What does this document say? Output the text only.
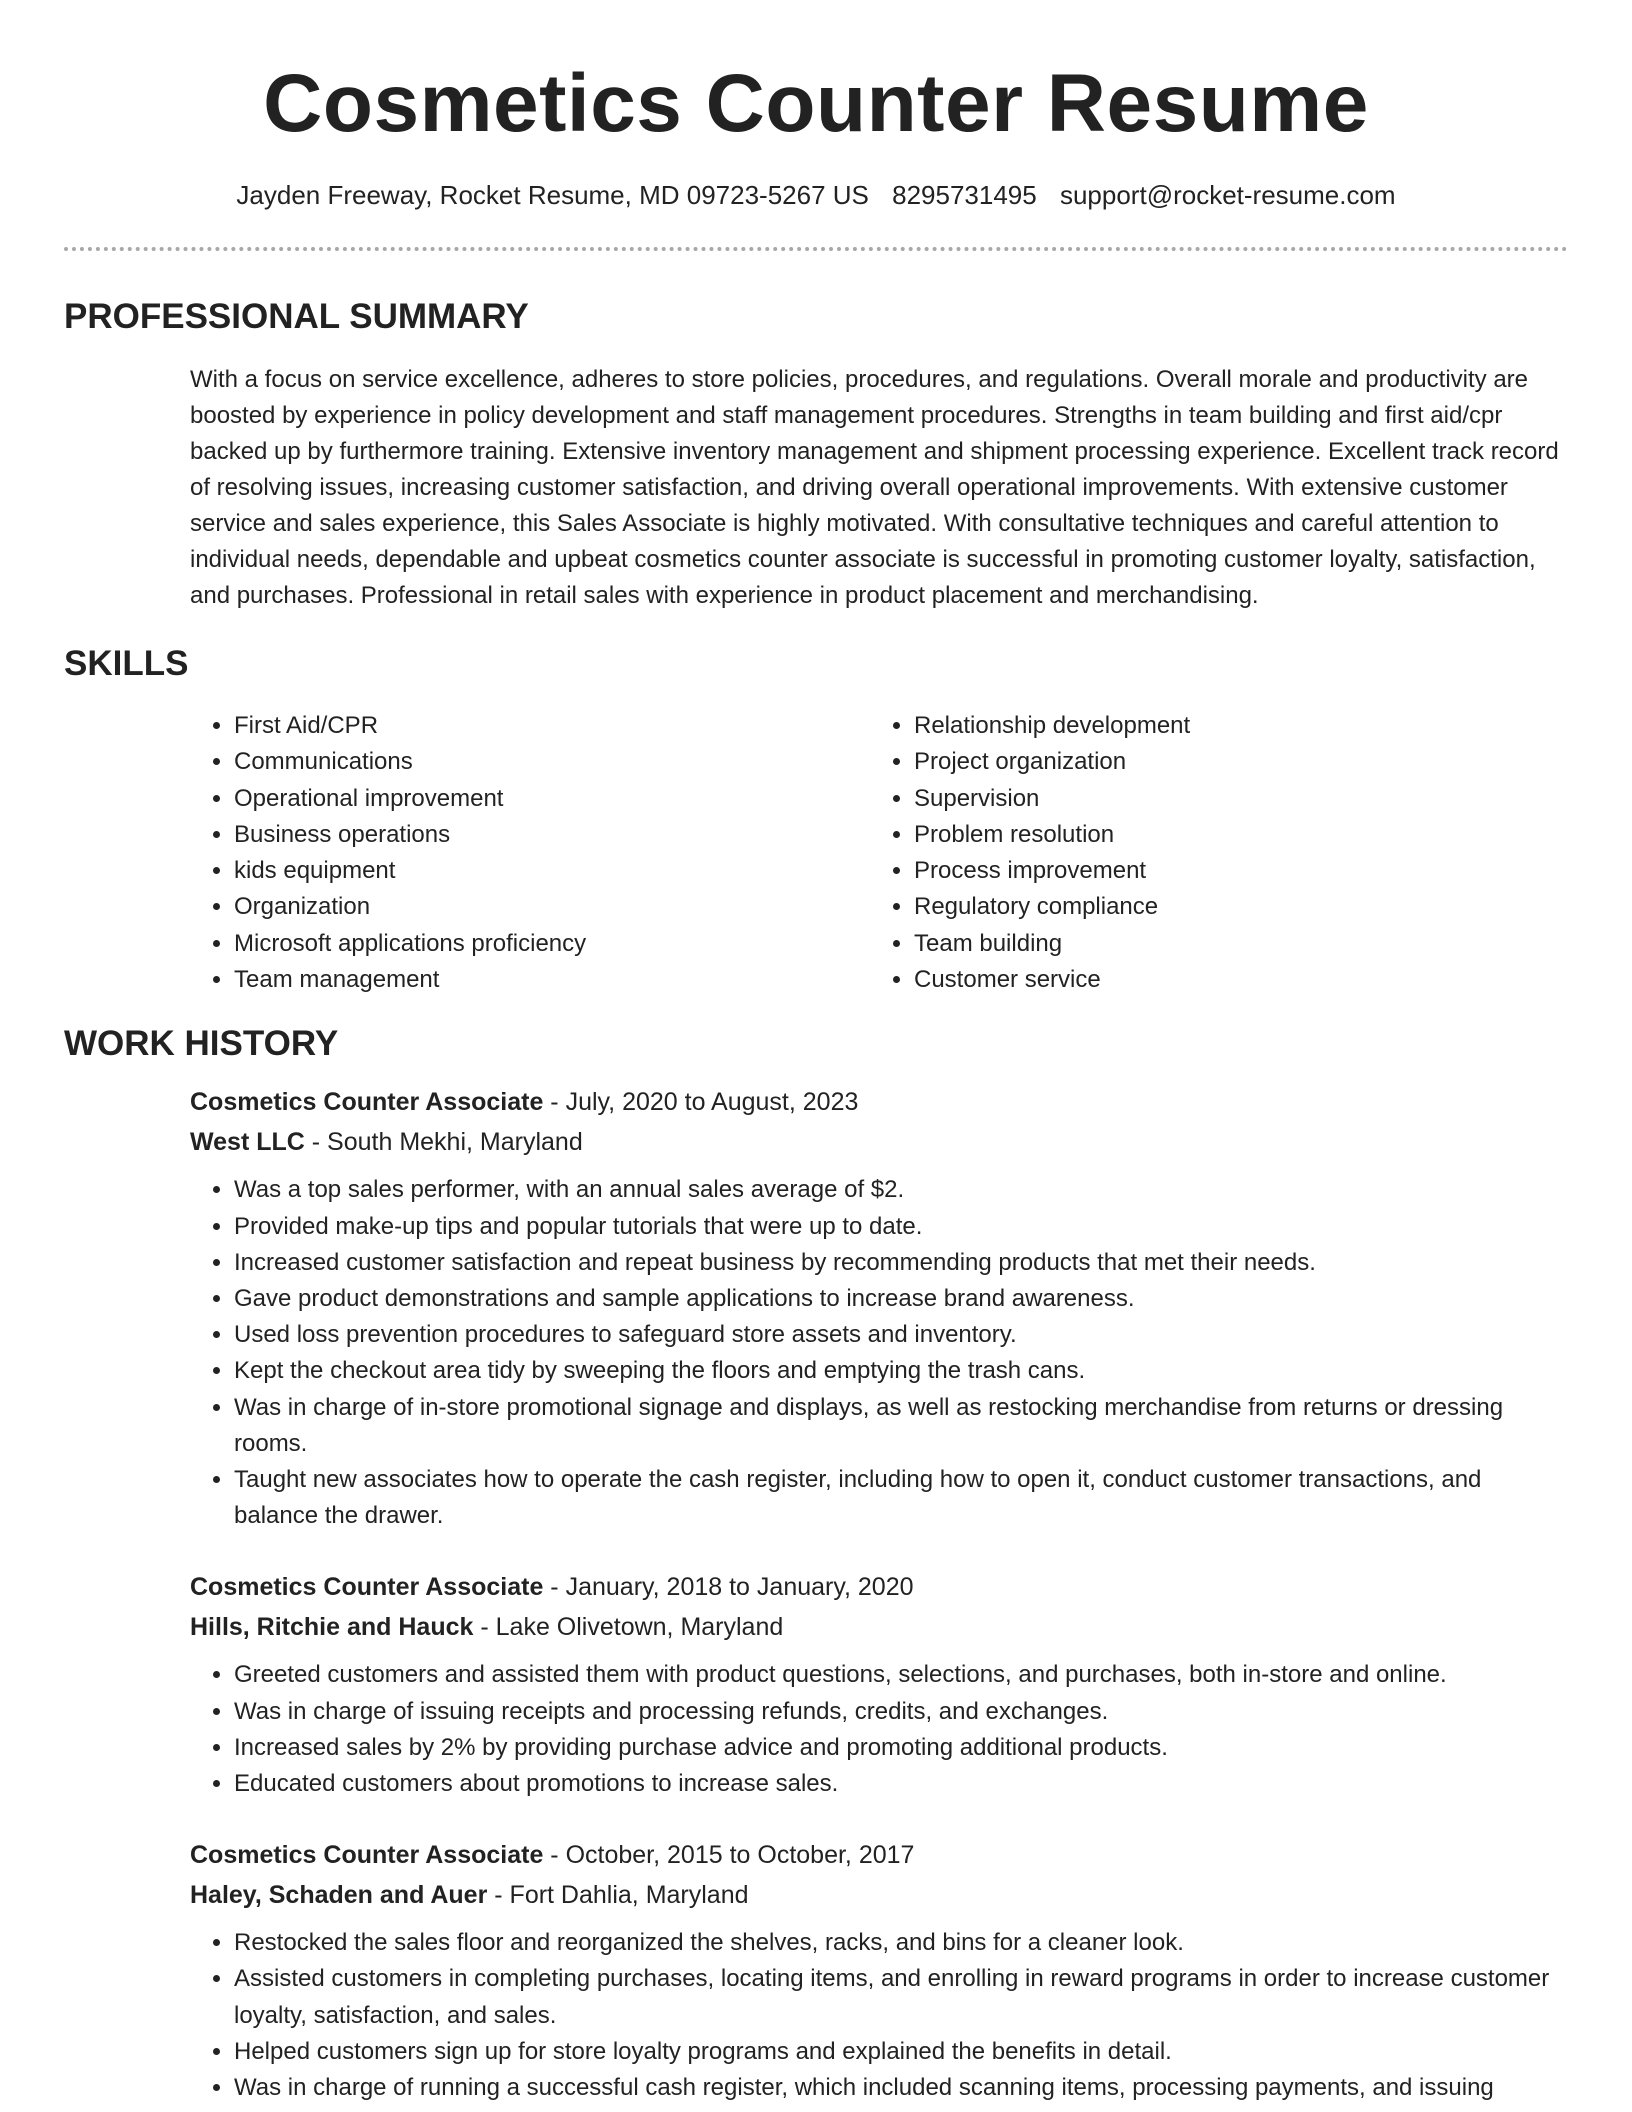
Cosmetics Counter Resume
Jayden Freeway, Rocket Resume, MD 09723-5267 US 8295731495 support@rocket-resume.com
PROFESSIONAL SUMMARY

With a focus on service excellence, adheres to store policies, procedures, and regulations. Overall morale and productivity are boosted by experience in policy development and staff management procedures. Strengths in team building and first aid/cpr backed up by furthermore training. Extensive inventory management and shipment processing experience. Excellent track record of resolving issues, increasing customer satisfaction, and driving overall operational improvements. With extensive customer service and sales experience, this Sales Associate is highly motivated. With consultative techniques and careful attention to individual needs, dependable and upbeat cosmetics counter associate is successful in promoting customer loyalty, satisfaction, and purchases. Professional in retail sales with experience in product placement and merchandising.

SKILLS
• First Aid/CPR
• Communications
• Operational improvement
• Business operations
• kids equipment
• Organization
• Microsoft applications proficiency
• Team management
• Relationship development
• Project organization
• Supervision
• Problem resolution
• Process improvement
• Regulatory compliance
• Team building
• Customer service
WORK HISTORY
Cosmetics Counter Associate - July, 2020 to August, 2023
West LLC - South Mekhi, Maryland
• Was a top sales performer, with an annual sales average of $2.
• Provided make-up tips and popular tutorials that were up to date.
• Increased customer satisfaction and repeat business by recommending products that met their needs.
• Gave product demonstrations and sample applications to increase brand awareness.
• Used loss prevention procedures to safeguard store assets and inventory.
• Kept the checkout area tidy by sweeping the floors and emptying the trash cans.
• Was in charge of in-store promotional signage and displays, as well as restocking merchandise from returns or dressing rooms.
• Taught new associates how to operate the cash register, including how to open it, conduct customer transactions, and balance the drawer.
Cosmetics Counter Associate - January, 2018 to January, 2020
Hills, Ritchie and Hauck - Lake Olivetown, Maryland
• Greeted customers and assisted them with product questions, selections, and purchases, both in-store and online.
• Was in charge of issuing receipts and processing refunds, credits, and exchanges.
• Increased sales by 2% by providing purchase advice and promoting additional products.
• Educated customers about promotions to increase sales.
Cosmetics Counter Associate - October, 2015 to October, 2017
Haley, Schaden and Auer - Fort Dahlia, Maryland
• Restocked the sales floor and reorganized the shelves, racks, and bins for a cleaner look.
• Assisted customers in completing purchases, locating items, and enrolling in reward programs in order to increase customer loyalty, satisfaction, and sales.
• Helped customers sign up for store loyalty programs and explained the benefits in detail.
• Was in charge of running a successful cash register, which included scanning items, processing payments, and issuing
